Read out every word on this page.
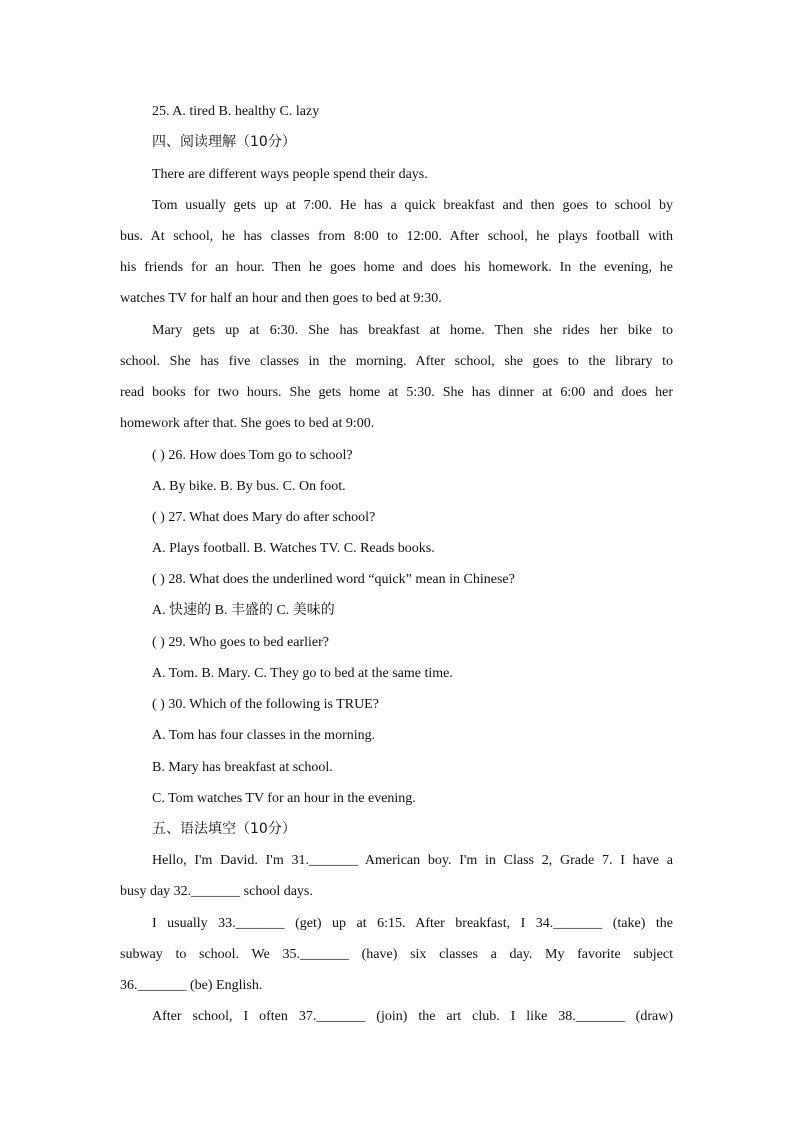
25. A. tired B. healthy C. lazy
四、阅读理解（10分）
There are different ways people spend their days.
Tom usually gets up at 7:00. He has a quick breakfast and then goes to school by
bus. At school, he has classes from 8:00 to 12:00. After school, he plays football with
his friends for an hour. Then he goes home and does his homework. In the evening, he
watches TV for half an hour and then goes to bed at 9:30.
Mary gets up at 6:30. She has breakfast at home. Then she rides her bike to
school. She has five classes in the morning. After school, she goes to the library to
read books for two hours. She gets home at 5:30. She has dinner at 6:00 and does her
homework after that. She goes to bed at 9:00.
( ) 26. How does Tom go to school?
A. By bike. B. By bus. C. On foot.
( ) 27. What does Mary do after school?
A. Plays football. B. Watches TV. C. Reads books.
( ) 28. What does the underlined word “quick” mean in Chinese?
A. 快速的 B. 丰盛的 C. 美味的
( ) 29. Who goes to bed earlier?
A. Tom. B. Mary. C. They go to bed at the same time.
( ) 30. Which of the following is TRUE?
A. Tom has four classes in the morning.
B. Mary has breakfast at school.
C. Tom watches TV for an hour in the evening.
五、语法填空（10分）
Hello, I'm David. I'm 31._______ American boy. I'm in Class 2, Grade 7. I have a
busy day 32._______ school days.
I usually 33._______ (get) up at 6:15. After breakfast, I 34._______ (take) the
subway to school. We 35._______ (have) six classes a day. My favorite subject
36._______ (be) English.
After school, I often 37._______ (join) the art club. I like 38._______ (draw)
